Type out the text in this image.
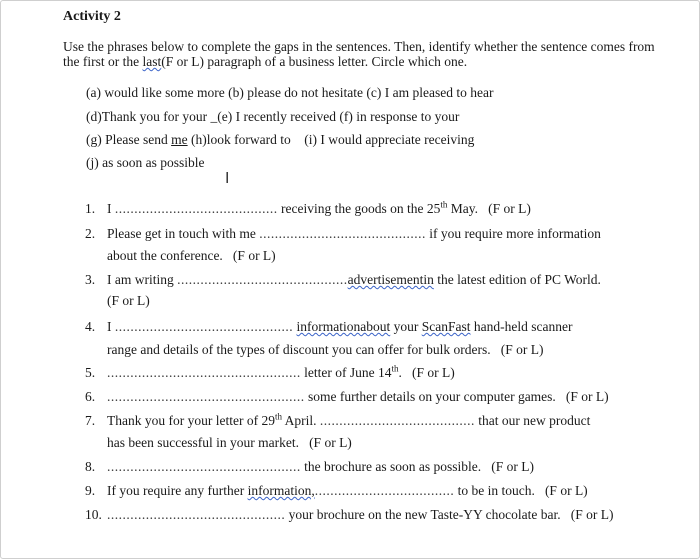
Activity 2
Use the phrases below to complete the gaps in the sentences. Then, identify whether the sentence comes from the first or the last(F or L) paragraph of a business letter. Circle which one.
(a) would like some more (b) please do not hesitate (c) I am pleased to hear
(d)Thank you for your _(e) I recently received (f) in response to your
(g) Please send me (h)look forward to    (i) I would appreciate receiving
(j) as soon as possible
I
1. I .......................................... receiving the goods on the 25th May.   (F or L)
2. Please get in touch with me ........................................... if you require more information
about the conference.   (F or L)
3. I am writing ............................................advertisementin the latest edition of PC World.
(F or L)
4. I .............................................. informationabout your ScanFast hand-held scanner
range and details of the types of discount you can offer for bulk orders.   (F or L)
5. .................................................. letter of June 14th.   (F or L)
6. ................................................... some further details on your computer games.   (F or L)
7. Thank you for your letter of 29th April. ........................................ that our new product
has been successful in your market.   (F or L)
8. .................................................. the brochure as soon as possible.   (F or L)
9. If you require any further information,.................................... to be in touch.   (F or L)
10. .............................................. your brochure on the new Taste-YY chocolate bar.   (F or L)
